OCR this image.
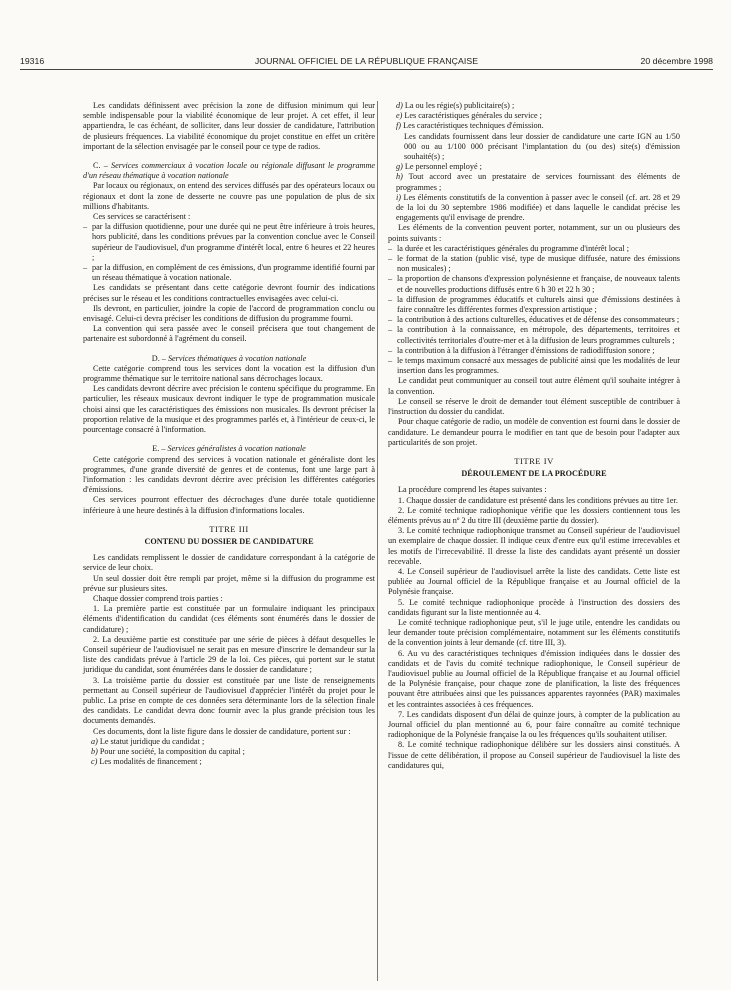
19316	JOURNAL OFFICIEL DE LA RÉPUBLIQUE FRANÇAISE	20 décembre 1998

Les candidats définissent avec précision la zone de diffusion minimum qui leur semble indispensable pour la viabilité économique de leur projet. A cet effet, il leur appartiendra, le cas échéant, de solliciter, dans leur dossier de candidature, l'attribution de plusieurs fréquences. La viabilité économique du projet constitue en effet un critère important de la sélection envisagée par le conseil pour ce type de radios.

C. – Services commerciaux à vocation locale ou régionale diffusant le programme d'un réseau thématique à vocation nationale

Par locaux ou régionaux, on entend des services diffusés par des opérateurs locaux ou régionaux et dont la zone de desserte ne couvre pas une population de plus de six millions d'habitants.

Ces services se caractérisent :

– par la diffusion quotidienne, pour une durée qui ne peut être inférieure à trois heures, hors publicité, dans les conditions prévues par la convention conclue avec le Conseil supérieur de l'audiovisuel, d'un programme d'intérêt local, entre 6 heures et 22 heures ;

– par la diffusion, en complément de ces émissions, d'un programme identifié fourni par un réseau thématique à vocation nationale.

Les candidats se présentant dans cette catégorie devront fournir des indications précises sur le réseau et les conditions contractuelles envisagées avec celui-ci.

Ils devront, en particulier, joindre la copie de l'accord de programmation conclu ou envisagé. Celui-ci devra préciser les conditions de diffusion du programme fourni.

La convention qui sera passée avec le conseil précisera que tout changement de partenaire est subordonné à l'agrément du conseil.

D. – Services thématiques à vocation nationale

Cette catégorie comprend tous les services dont la vocation est la diffusion d'un programme thématique sur le territoire national sans décrochages locaux.

Les candidats devront décrire avec précision le contenu spécifique du programme. En particulier, les réseaux musicaux devront indiquer le type de programmation musicale choisi ainsi que les caractéristiques des émissions non musicales. Ils devront préciser la proportion relative de la musique et des programmes parlés et, à l'intérieur de ceux-ci, le pourcentage consacré à l'information.

E. – Services généralistes à vocation nationale

Cette catégorie comprend des services à vocation nationale et généraliste dont les programmes, d'une grande diversité de genres et de contenus, font une large part à l'information : les candidats devront décrire avec précision les différentes catégories d'émissions.

Ces services pourront effectuer des décrochages d'une durée totale quotidienne inférieure à une heure destinés à la diffusion d'informations locales.

TITRE III

CONTENU DU DOSSIER DE CANDIDATURE

Les candidats remplissent le dossier de candidature correspondant à la catégorie de service de leur choix.

Un seul dossier doit être rempli par projet, même si la diffusion du programme est prévue sur plusieurs sites.

Chaque dossier comprend trois parties :

1. La première partie est constituée par un formulaire indiquant les principaux éléments d'identification du candidat (ces éléments sont énumérés dans le dossier de candidature) ;

2. La deuxième partie est constituée par une série de pièces à défaut desquelles le Conseil supérieur de l'audiovisuel ne serait pas en mesure d'inscrire le demandeur sur la liste des candidats prévue à l'article 29 de la loi. Ces pièces, qui portent sur le statut juridique du candidat, sont énumérées dans le dossier de candidature ;

3. La troisième partie du dossier est constituée par une liste de renseignements permettant au Conseil supérieur de l'audiovisuel d'apprécier l'intérêt du projet pour le public. La prise en compte de ces données sera déterminante lors de la sélection finale des candidats. Le candidat devra donc fournir avec la plus grande précision tous les documents demandés.

Ces documents, dont la liste figure dans le dossier de candidature, portent sur :

a) Le statut juridique du candidat ;

b) Pour une société, la composition du capital ;

c) Les modalités de financement ;

d) La ou les régie(s) publicitaire(s) ;

e) Les caractéristiques générales du service ;

f) Les caractéristiques techniques d'émission.

Les candidats fournissent dans leur dossier de candidature une carte IGN au 1/50 000 ou au 1/100 000 précisant l'implantation du (ou des) site(s) d'émission souhaité(s) ;

g) Le personnel employé ;

h) Tout accord avec un prestataire de services fournissant des éléments de programmes ;

i) Les éléments constitutifs de la convention à passer avec le conseil (cf. art. 28 et 29 de la loi du 30 septembre 1986 modifiée) et dans laquelle le candidat précise les engagements qu'il envisage de prendre.

Les éléments de la convention peuvent porter, notamment, sur un ou plusieurs des points suivants :

– la durée et les caractéristiques générales du programme d'intérêt local ;

– le format de la station (public visé, type de musique diffusée, nature des émissions non musicales) ;

– la proportion de chansons d'expression polynésienne et française, de nouveaux talents et de nouvelles productions diffusés entre 6 h 30 et 22 h 30 ;

– la diffusion de programmes éducatifs et culturels ainsi que d'émissions destinées à faire connaître les différentes formes d'expression artistique ;

– la contribution à des actions culturelles, éducatives et de défense des consommateurs ;

– la contribution à la connaissance, en métropole, des départements, territoires et collectivités territoriales d'outre-mer et à la diffusion de leurs programmes culturels ;

– la contribution à la diffusion à l'étranger d'émissions de radiodiffusion sonore ;

– le temps maximum consacré aux messages de publicité ainsi que les modalités de leur insertion dans les programmes.

Le candidat peut communiquer au conseil tout autre élément qu'il souhaite intégrer à la convention.

Le conseil se réserve le droit de demander tout élément susceptible de contribuer à l'instruction du dossier du candidat.

Pour chaque catégorie de radio, un modèle de convention est fourni dans le dossier de candidature. Le demandeur pourra le modifier en tant que de besoin pour l'adapter aux particularités de son projet.

TITRE IV

DÉROULEMENT DE LA PROCÉDURE

La procédure comprend les étapes suivantes :

1. Chaque dossier de candidature est présenté dans les conditions prévues au titre 1er.

2. Le comité technique radiophonique vérifie que les dossiers contiennent tous les éléments prévus au nº 2 du titre III (deuxième partie du dossier).

3. Le comité technique radiophonique transmet au Conseil supérieur de l'audiovisuel un exemplaire de chaque dossier. Il indique ceux d'entre eux qu'il estime irrecevables et les motifs de l'irrecevabilité. Il dresse la liste des candidats ayant présenté un dossier recevable.

4. Le Conseil supérieur de l'audiovisuel arrête la liste des candidats. Cette liste est publiée au Journal officiel de la République française et au Journal officiel de la Polynésie française.

5. Le comité technique radiophonique procède à l'instruction des dossiers des candidats figurant sur la liste mentionnée au 4.

Le comité technique radiophonique peut, s'il le juge utile, entendre les candidats ou leur demander toute précision complémentaire, notamment sur les éléments constitutifs de la convention joints à leur demande (cf. titre III, 3).

6. Au vu des caractéristiques techniques d'émission indiquées dans le dossier des candidats et de l'avis du comité technique radiophonique, le Conseil supérieur de l'audiovisuel publie au Journal officiel de la République française et au Journal officiel de la Polynésie française, pour chaque zone de planification, la liste des fréquences pouvant être attribuées ainsi que les puissances apparentes rayonnées (PAR) maximales et les contraintes associées à ces fréquences.

7. Les candidats disposent d'un délai de quinze jours, à compter de la publication au Journal officiel du plan mentionné au 6, pour faire connaître au comité technique radiophonique de la Polynésie française la ou les fréquences qu'ils souhaitent utiliser.

8. Le comité technique radiophonique délibère sur les dossiers ainsi constitués. A l'issue de cette délibération, il propose au Conseil supérieur de l'audiovisuel la liste des candidatures qui,
